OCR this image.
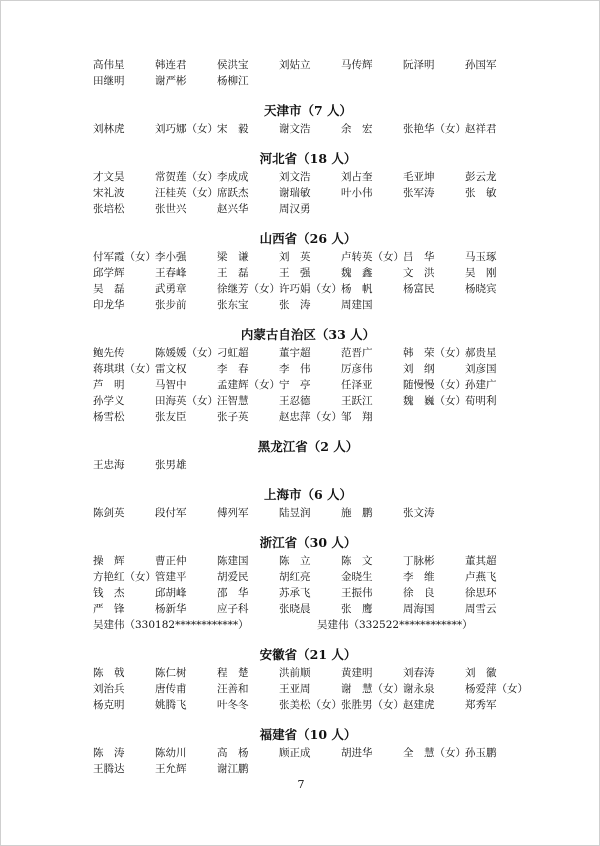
高伟星	韩连君	侯洪宝	刘姑立	马传辉	阮泽明	孙国军
田继明	谢严彬	杨柳江
天津市（7 人）
刘林虎	刘巧娜（女） 宋　毅	谢文浩	余　宏	张艳华（女） 赵祥君
河北省（18 人）
才文昊	常贺莲（女） 李成成	刘文浩	刘占奎	毛亚坤	彭云龙
宋礼波	汪桂英（女） 席跃杰	谢瑞敏	叶小伟	张军涛	张　敏
张培松	张世兴	赵兴华	周汉勇
山西省（26 人）
付军霞（女） 李小强	梁　谦	刘　英	卢转英（女） 吕　华	马玉琢
邱学辉	王春峰	王　磊	王　强	魏　鑫	文　洪	吴　刚
吴　磊	武勇章	徐继芳（女） 许巧娟（女） 杨　帆	杨富民	杨晓宾
印龙华	张步前	张东宝	张　涛	周建国
内蒙古自治区（33 人）
鲍先传	陈媛媛（女） 刁虹超	董宇超	范晋广	韩　荣（女） 郝贵星
蒋琪琪（女） 雷文权	李　春	李　伟	厉彦伟	刘　纲	刘彦国
芦　明	马智中	孟建辉（女） 宁　亭	任泽亚	随慢慢（女） 孙建广
孙学义	田海英（女） 汪智慧	王忍德	王跃江	魏　巍（女） 荀明利
杨雪松	张友臣	张子英	赵忠萍（女） 邹　翔
黑龙江省（2 人）
王忠海	张男雄
上海市（6 人）
陈剑英	段付军	傅列军	陆昱润	施　鹏	张文涛
浙江省（30 人）
操　辉	曹正仲	陈建国	陈　立	陈　文	丁脉彬	董其超
方艳红（女） 管建平	胡爱民	胡红亮	金晓生	李　维	卢燕飞
钱　杰	邱胡峰	邵　华	苏承飞	王振伟	徐　良	徐思环
严　锋	杨新华	应子科	张晓晨	张　鹰	周海国	周雪云
吴建伟（330182************）	吴建伟（332522************）
安徽省（21 人）
陈　戟	陈仁树	程　楚	洪前顺	黄建明	刘春涛	刘　徽
刘治兵	唐传甫	汪善和	王亚周	谢　慧（女） 谢永泉	杨爱萍（女）
杨克明	姚腾飞	叶冬冬	张美松（女） 张胜男（女） 赵建虎	郑秀军
福建省（10 人）
陈　涛	陈幼川	高　杨	顾正成	胡进华	全　慧（女） 孙玉鹏
王腾达	王允辉	谢江鹏
7
